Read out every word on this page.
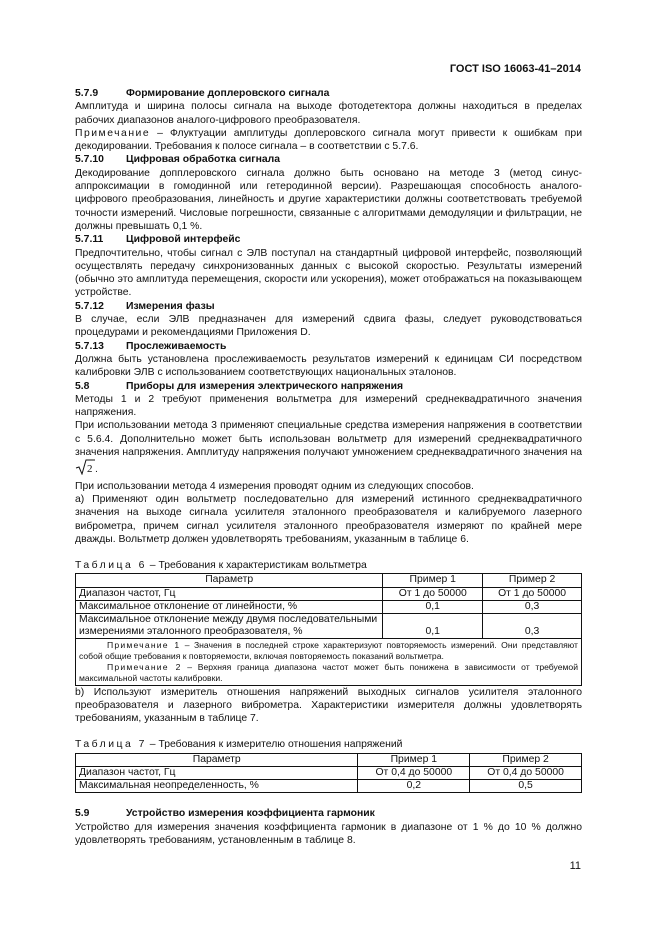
ГОСТ ISO 16063-41–2014

5.7.9	Формирование доплеровского сигнала

Амплитуда и ширина полосы сигнала на выходе фотодетектора должны находиться в пределах рабочих диапазонов аналого-цифрового преобразователя.

Примечание – Флуктуации амплитуды доплеровского сигнала могут привести к ошибкам при декодировании. Требования к полосе сигнала – в соответствии с 5.7.6.

5.7.10 Цифровая обработка сигнала

Декодирование допплеровского сигнала должно быть основано на методе 3 (метод синус-аппроксимации в гомодинной или гетеродинной версии). Разрешающая способность аналого-цифрового преобразования, линейность и другие характеристики должны соответствовать требуемой точности измерений. Числовые погрешности, связанные с алгоритмами демодуляции и фильтрации, не должны превышать 0,1 %.

5.7.11 Цифровой интерфейс

Предпочтительно, чтобы сигнал с ЭЛВ поступал на стандартный цифровой интерфейс, позволяющий осуществлять передачу синхронизованных данных с высокой скоростью. Результаты измерений (обычно это амплитуда перемещения, скорости или ускорения), может отображаться на показывающем устройстве.

5.7.12 Измерения фазы

В случае, если ЭЛВ предназначен для измерений сдвига фазы, следует руководствоваться процедурами и рекомендациями Приложения D.

5.7.13 Прослеживаемость

Должна быть установлена прослеживаемость результатов измерений к единицам СИ посредством калибровки ЭЛВ с использованием соответствующих национальных эталонов.

5.8	Приборы для измерения электрического напряжения

Методы 1 и 2 требуют применения вольтметра для измерений среднеквадратичного значения напряжения.

При использовании метода 3 применяют специальные средства измерения напряжения в соответствии с 5.6.4. Дополнительно может быть использован вольтметр для измерений среднеквадратичного значения напряжения. Амплитуду напряжения получают умножением среднеквадратичного значения на
2 .

При использовании метода 4 измерения проводят одним из следующих способов.

а) Применяют один вольтметр последовательно для измерений истинного среднеквадратичного значения на выходе сигнала усилителя эталонного преобразователя и калибруемого лазерного виброметра, причем сигнал усилителя эталонного преобразователя измеряют по крайней мере дважды. Вольтметр должен удовлетворять требованиям, указанным в таблице 6.

Таблица 6 – Требования к характеристикам вольтметра
Параметр	Пример 1	Пример 2
Диапазон частот, Гц	От 1 до 50000	От 1 до 50000
Максимальное отклонение от линейности, %	0,1	0,3
Максимальное отклонение между двумя последовательными измерениями эталонного преобразователя, %	0,1	0,3

Примечание 1 – Значения в последней строке характеризуют повторяемость измерений. Они представляют собой общие требования к повторяемости, включая повторяемость показаний вольтметра.
Примечание 2 – Верхняя граница диапазона частот может быть понижена в зависимости от требуемой максимальной частоты калибровки.		

b) Используют измеритель отношения напряжений выходных сигналов усилителя эталонного преобразователя и лазерного виброметра. Характеристики измерителя должны удовлетворять требованиям, указанным в таблице 7.

Таблица 7 – Требования к измерителю отношения напряжений
Параметр	Пример 1	Пример 2
Диапазон частот, Гц	От 0,4 до 50000	От 0,4 до 50000
Максимальная неопределенность, %	0,2	0,5

5.9	Устройство измерения коэффициента гармоник

Устройство для измерения значения коэффициента гармоник в диапазоне от 1 % до 10 % должно удовлетворять требованиям, установленным в таблице 8.

11
